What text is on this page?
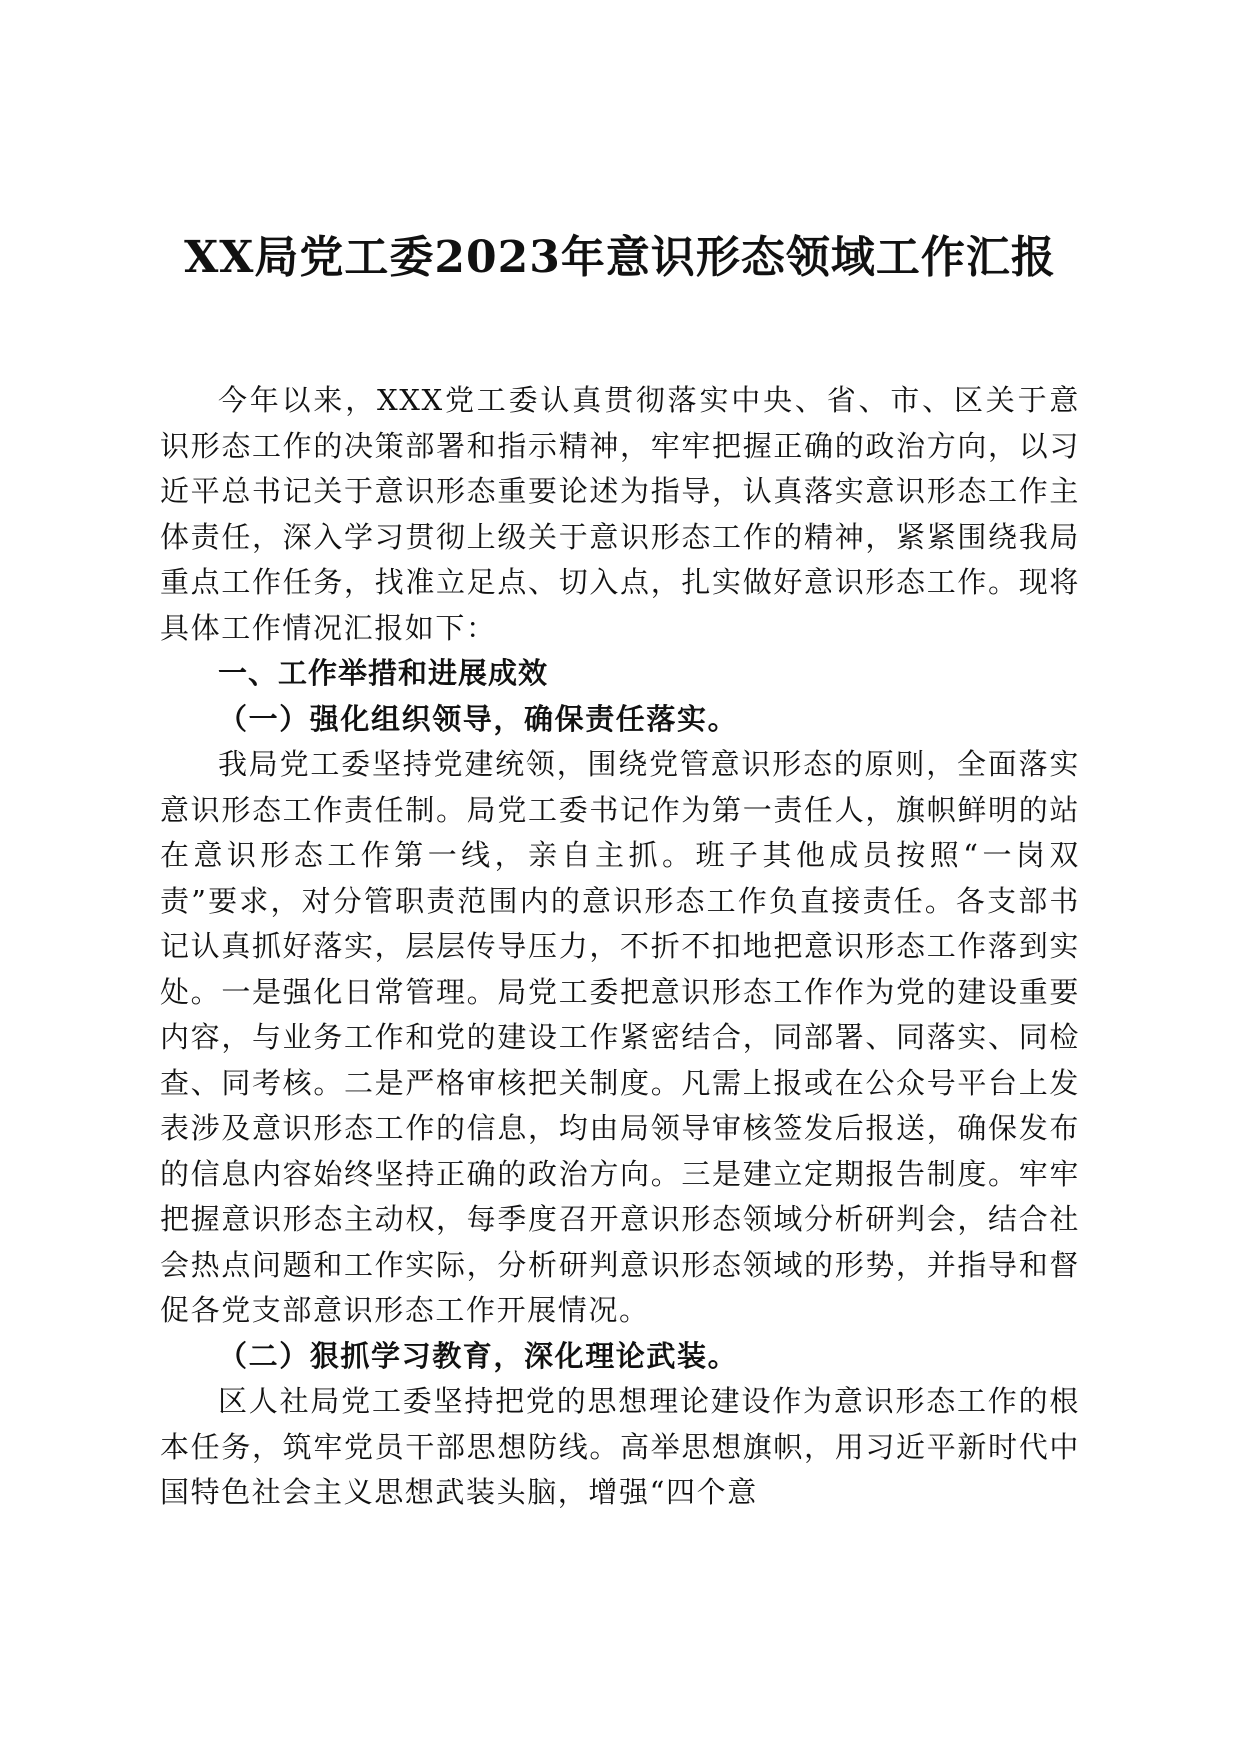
XX局党工委2023年意识形态领域工作汇报

今年以来，XXX党工委认真贯彻落实中央、省、市、区关于意识形态工作的决策部署和指示精神，牢牢把握正确的政治方向，以习近平总书记关于意识形态重要论述为指导，认真落实意识形态工作主体责任，深入学习贯彻上级关于意识形态工作的精神，紧紧围绕我局重点工作任务，找准立足点、切入点，扎实做好意识形态工作。现将具体工作情况汇报如下：

一、工作举措和进展成效

（一）强化组织领导，确保责任落实。

我局党工委坚持党建统领，围绕党管意识形态的原则，全面落实意识形态工作责任制。局党工委书记作为第一责任人，旗帜鲜明的站在意识形态工作第一线，亲自主抓。班子其他成员按照“一岗双责”要求，对分管职责范围内的意识形态工作负直接责任。各支部书记认真抓好落实，层层传导压力，不折不扣地把意识形态工作落到实处。一是强化日常管理。局党工委把意识形态工作作为党的建设重要内容，与业务工作和党的建设工作紧密结合，同部署、同落实、同检查、同考核。二是严格审核把关制度。凡需上报或在公众号平台上发表涉及意识形态工作的信息，均由局领导审核签发后报送，确保发布的信息内容始终坚持正确的政治方向。三是建立定期报告制度。牢牢把握意识形态主动权，每季度召开意识形态领域分析研判会，结合社会热点问题和工作实际，分析研判意识形态领域的形势，并指导和督促各党支部意识形态工作开展情况。

（二）狠抓学习教育，深化理论武装。

区人社局党工委坚持把党的思想理论建设作为意识形态工作的根本任务，筑牢党员干部思想防线。高举思想旗帜，用习近平新时代中国特色社会主义思想武装头脑，增强“四个意
